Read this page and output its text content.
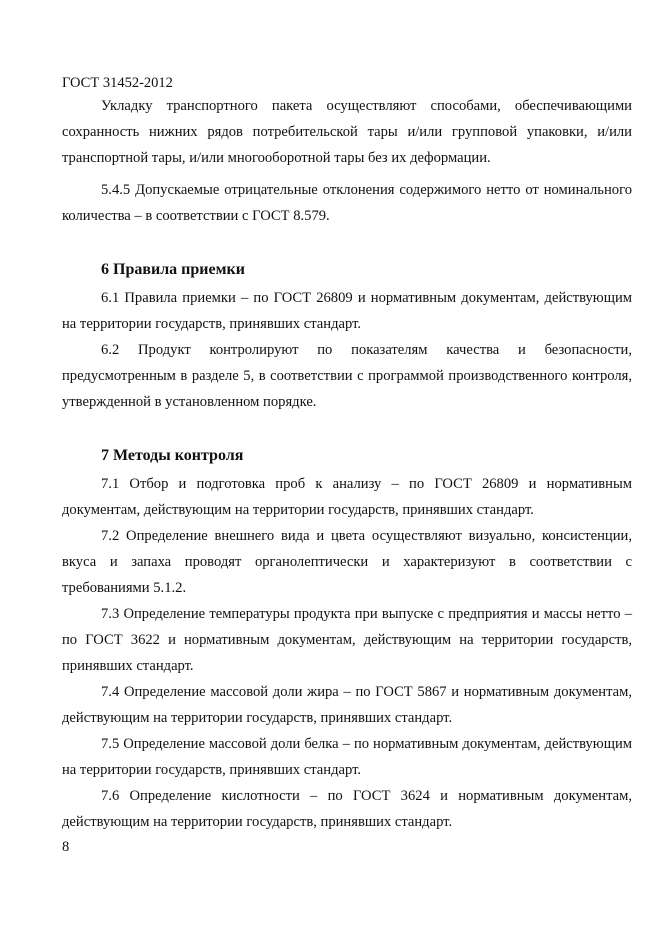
ГОСТ 31452-2012

Укладку транспортного пакета осуществляют способами, обеспечивающими сохранность нижних рядов потребительской тары и/или групповой упаковки, и/или транспортной тары, и/или многооборотной тары без их деформации.

5.4.5 Допускаемые отрицательные отклонения содержимого нетто от номинального количества – в соответствии с ГОСТ 8.579.

6 Правила приемки

6.1 Правила приемки – по ГОСТ 26809 и нормативным документам, действующим на территории государств, принявших стандарт.

6.2 Продукт контролируют по показателям качества и безопасности, предусмотренным в разделе 5, в соответствии с программой производственного контроля, утвержденной в установленном порядке.

7 Методы контроля

7.1 Отбор и подготовка проб к анализу – по ГОСТ 26809 и нормативным документам, действующим на территории государств, принявших стандарт.

7.2 Определение внешнего вида и цвета осуществляют визуально, консистенции, вкуса и запаха проводят органолептически и характеризуют в соответствии с требованиями 5.1.2.

7.3 Определение температуры продукта при выпуске с предприятия и массы нетто – по ГОСТ 3622 и нормативным документам, действующим на территории государств, принявших стандарт.

7.4 Определение массовой доли жира – по ГОСТ 5867 и нормативным документам, действующим на территории государств, принявших стандарт.

7.5 Определение массовой доли белка – по нормативным документам, действующим на территории государств, принявших стандарт.

7.6 Определение кислотности – по ГОСТ 3624 и нормативным документам, действующим на территории государств, принявших стандарт.

8
